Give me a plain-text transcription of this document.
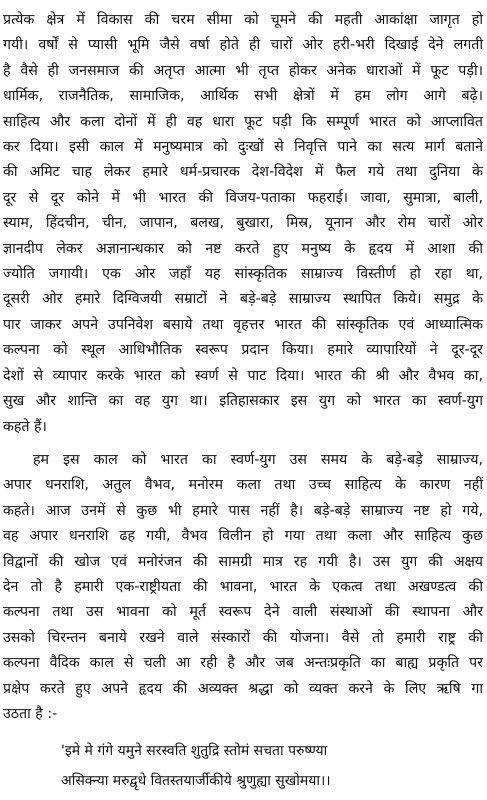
प्रत्येक क्षेत्र में विकास की चरम सीमा को चूमने की महती आकांक्षा जागृत हो
गयी। वर्षों से प्यासी भूमि जैसे वर्षा होते ही चारों ओर हरी-भरी दिखाई देने लगती
है वैसे ही जनसमाज की अतृप्त आत्मा भी तृप्त होकर अनेक धाराओं में फूट पड़ी।
धार्मिक, राजनैतिक, सामाजिक, आर्थिक सभी क्षेत्रों में हम लोग आगे बढ़े।
साहित्य और कला दोनों में ही वह धारा फूट पड़ी कि सम्पूर्ण भारत को आप्लावित
कर दिया। इसी काल में मनुष्यमात्र को दुःखों से निवृत्ति पाने का सत्य मार्ग बताने
की अमिट चाह लेकर हमारे धर्म-प्रचारक देश-विदेश में फैल गये तथा दुनिया के
दूर से दूर कोने में भी भारत की विजय-पताका फहराई। जावा, सुमात्रा, बाली,
स्याम, हिंदचीन, चीन, जापान, बलख, बुखारा, मिस्र, यूनान और रोम चारों ओर
ज्ञानदीप लेकर अज्ञानान्धकार को नष्ट करते हुए मनुष्य के हृदय में आशा की
ज्योति जगायी। एक ओर जहाँ यह सांस्कृतिक साम्राज्य विस्तीर्ण हो रहा था,
दूसरी ओर हमारे दिग्विजयी सम्राटों ने बड़े-बड़े साम्राज्य स्थापित किये। समुद्र के
पार जाकर अपने उपनिवेश बसाये तथा वृहत्तर भारत की सांस्कृतिक एवं आध्यात्मिक
कल्पना को स्थूल आधिभौतिक स्वरूप प्रदान किया। हमारे व्यापारियों ने दूर-दूर
देशों से व्यापार करके भारत को स्वर्ण से पाट दिया। भारत की श्री और वैभव का,
सुख और शान्ति का वह युग था। इतिहासकार इस युग को भारत का स्वर्ण-युग
कहते हैं।

हम इस काल को भारत का स्वर्ण-युग उस समय के बड़े-बड़े साम्राज्य,
अपार धनराशि, अतुल वैभव, मनोरम कला तथा उच्च साहित्य के कारण नहीं
कहते। आज उनमें से कुछ भी हमारे पास नहीं है। बड़े-बड़े साम्राज्य नष्ट हो गये,
वह अपार धनराशि ढह गयी, वैभव विलीन हो गया तथा कला और साहित्य कुछ
विद्वानों की खोज एवं मनोरंजन की सामग्री मात्र रह गयी है। उस युग की अक्षय
देन तो है हमारी एक-राष्ट्रीयता की भावना, भारत के एकत्व तथा अखण्डत्व की
कल्पना तथा उस भावना को मूर्त स्वरूप देने वाली संस्थाओं की स्थापना और
उसको चिरन्तन बनाये रखने वाले संस्कारों की योजना। वैसे तो हमारी राष्ट्र की
कल्पना वैदिक काल से चली आ रही है और जब अन्तःप्रकृति का बाह्य प्रकृति पर
प्रक्षेप करते हुए अपने हृदय की अव्यक्त श्रद्धा को व्यक्त करने के लिए ऋषि गा
उठता है :-

'इमे मे गंगे यमुने सरस्वति शुतुद्रि स्तोमं सचता परुष्ण्या
असिक्न्या मरुद्वृधे वितस्तयार्जीकीये श्रुणुह्या सुखोमया।।
